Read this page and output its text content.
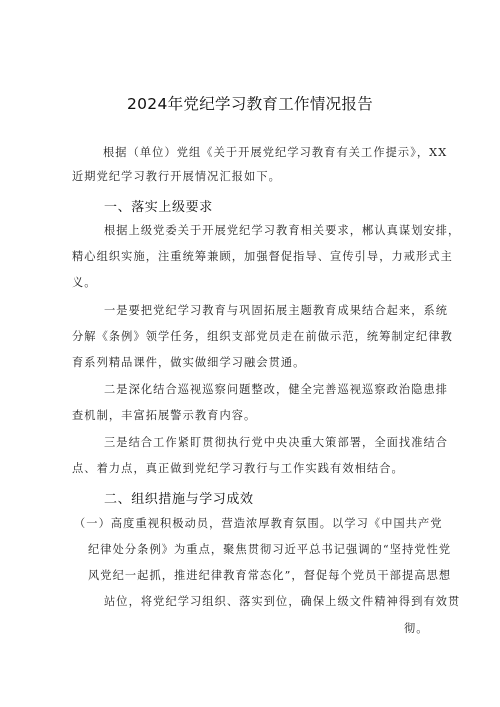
2024年党纪学习教育工作情况报告
根据（单位）党组《关于开展党纪学习教育有关工作提示》，XX
近期党纪学习教行开展情况汇报如下。
一、落实上级要求
根据上级党委关于开展党纪学习教育相关要求，郴认真谋划安排，
精心组织实施，注重统筹兼顾，加强督促指导、宣传引导，力戒形式主
义。
一是要把党纪学习教育与巩固拓展主题教育成果结合起来，系统
分解《条例》领学任务，组织支部党员走在前做示范，统筹制定纪律教
育系列精品课件，做实做细学习融会贯通。
二是深化结合巡视巡察问题整改，健全完善巡视巡察政治隐患排
查机制，丰富拓展警示教育内容。
三是结合工作紧盯贯彻执行党中央决重大策部署，全面找准结合
点、着力点，真正做到党纪学习教行与工作实践有效相结合。
二、组织措施与学习成效
（一）高度重视积极动员，营造浓厚教育氛围。以学习《中国共产党
纪律处分条例》为重点，聚焦贯彻习近平总书记强调的“坚持党性党
风党纪一起抓，推进纪律教育常态化”，督促每个党员干部提高思想
站位，将党纪学习组织、落实到位，确保上级文件精神得到有效贯
彻。
